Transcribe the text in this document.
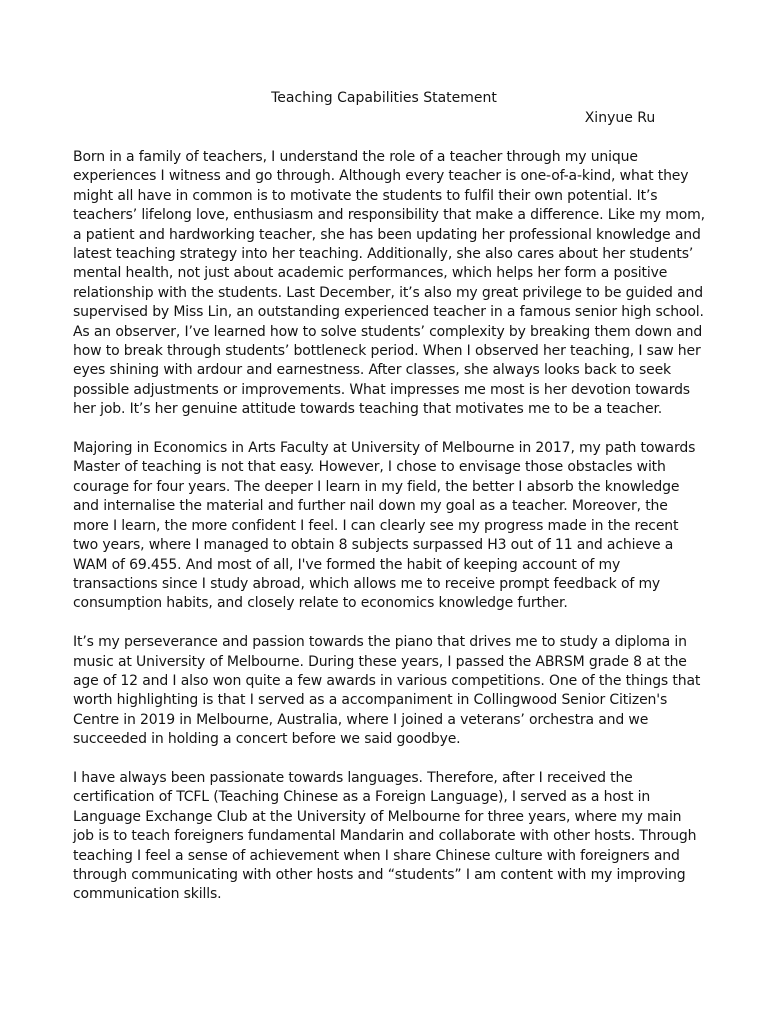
Teaching Capabilities Statement
Xinyue Ru

Born in a family of teachers, I understand the role of a teacher through my unique experiences I witness and go through. Although every teacher is one-of-a-kind, what they might all have in common is to motivate the students to fulfil their own potential. It’s teachers’ lifelong love, enthusiasm and responsibility that make a difference. Like my mom, a patient and hardworking teacher, she has been updating her professional knowledge and latest teaching strategy into her teaching. Additionally, she also cares about her students’ mental health, not just about academic performances, which helps her form a positive relationship with the students. Last December, it’s also my great privilege to be guided and supervised by Miss Lin, an outstanding experienced teacher in a famous senior high school. As an observer, I’ve learned how to solve students’ complexity by breaking them down and how to break through students’ bottleneck period. When I observed her teaching, I saw her eyes shining with ardour and earnestness. After classes, she always looks back to seek possible adjustments or improvements. What impresses me most is her devotion towards her job. It’s her genuine attitude towards teaching that motivates me to be a teacher.

Majoring in Economics in Arts Faculty at University of Melbourne in 2017, my path towards Master of teaching is not that easy. However, I chose to envisage those obstacles with courage for four years. The deeper I learn in my field, the better I absorb the knowledge and internalise the material and further nail down my goal as a teacher. Moreover, the more I learn, the more confident I feel. I can clearly see my progress made in the recent two years, where I managed to obtain 8 subjects surpassed H3 out of 11 and achieve a WAM of 69.455. And most of all, I've formed the habit of keeping account of my transactions since I study abroad, which allows me to receive prompt feedback of my consumption habits, and closely relate to economics knowledge further.

It’s my perseverance and passion towards the piano that drives me to study a diploma in music at University of Melbourne. During these years, I passed the ABRSM grade 8 at the age of 12 and I also won quite a few awards in various competitions. One of the things that worth highlighting is that I served as a accompaniment in Collingwood Senior Citizen's Centre in 2019 in Melbourne, Australia, where I joined a veterans’ orchestra and we succeeded in holding a concert before we said goodbye.

I have always been passionate towards languages. Therefore, after I received the certification of TCFL (Teaching Chinese as a Foreign Language), I served as a host in Language Exchange Club at the University of Melbourne for three years, where my main job is to teach foreigners fundamental Mandarin and collaborate with other hosts. Through teaching I feel a sense of achievement when I share Chinese culture with foreigners and through communicating with other hosts and “students” I am content with my improving communication skills.
